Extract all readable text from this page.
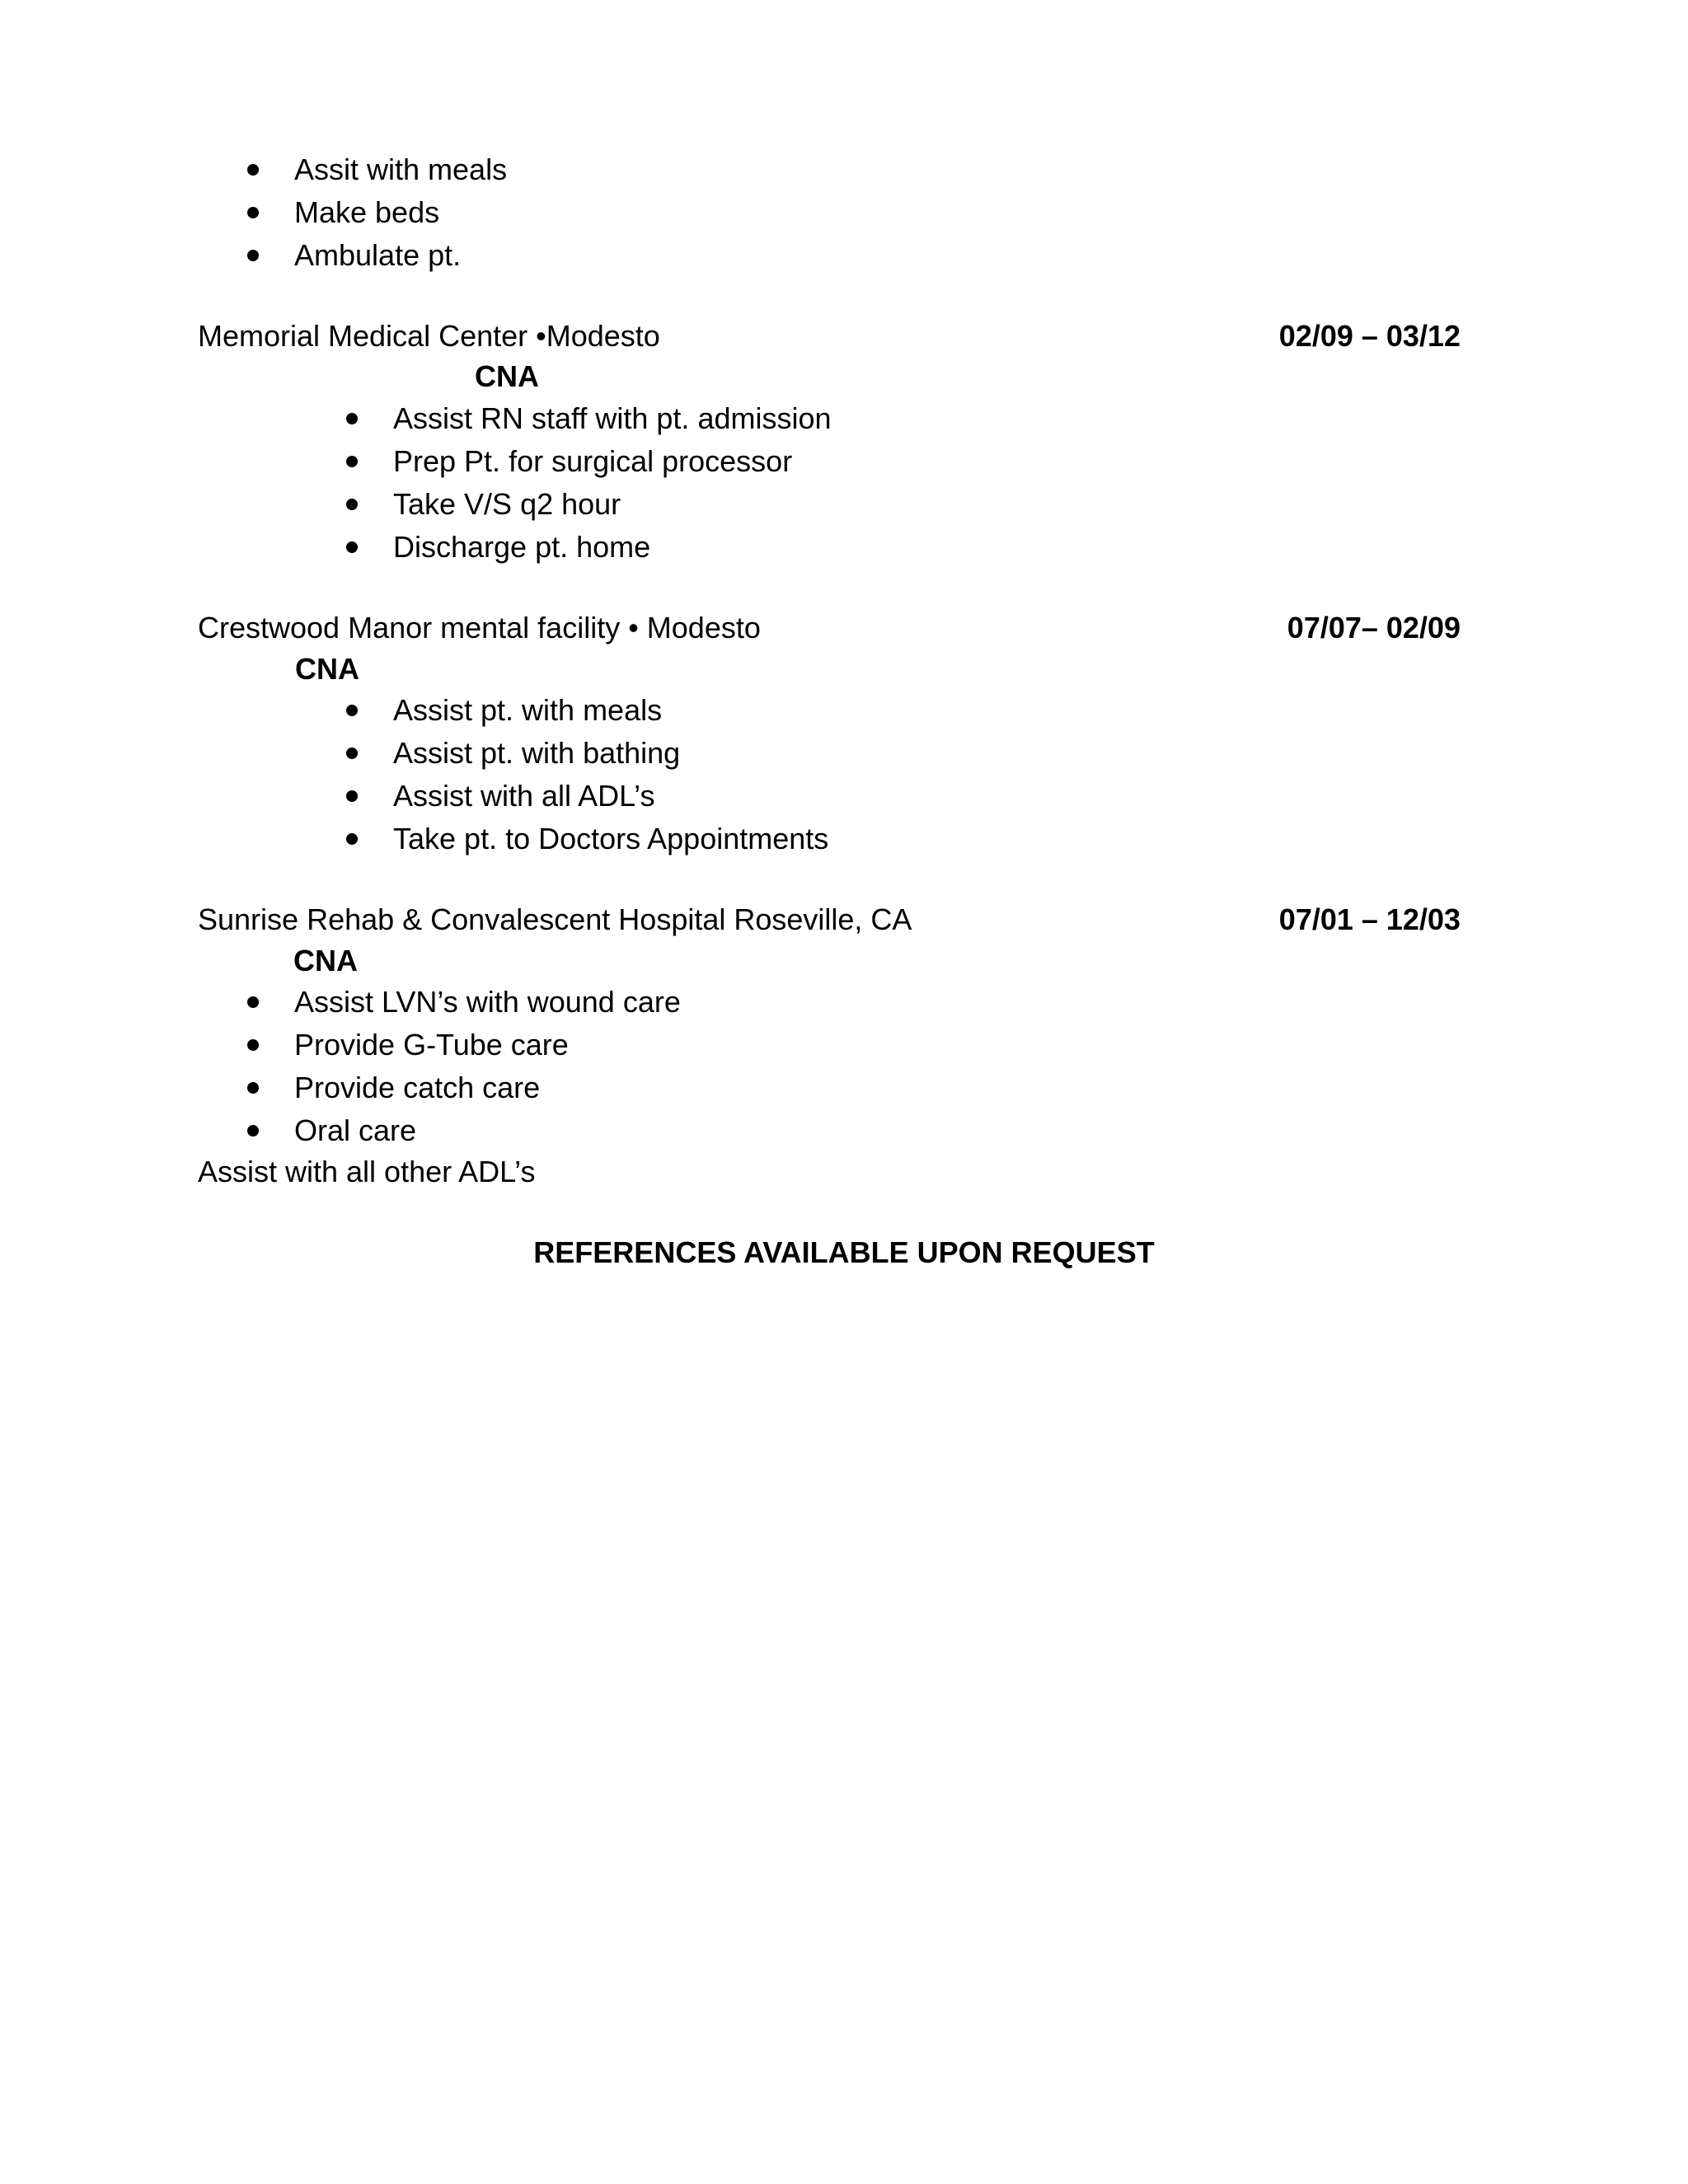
Assit with meals
Make beds
Ambulate pt.
Memorial Medical Center •Modesto	02/09 – 03/12
CNA
Assist RN staff with pt. admission
Prep Pt. for surgical processor
Take V/S q2 hour
Discharge pt. home
Crestwood Manor mental facility • Modesto	07/07– 02/09
CNA
Assist pt. with meals
Assist pt. with bathing
Assist with all ADL’s
Take pt. to Doctors Appointments
Sunrise Rehab & Convalescent Hospital Roseville, CA	07/01 – 12/03
CNA
Assist LVN’s with wound care
Provide G-Tube care
Provide catch care
Oral care
Assist with all other ADL’s
REFERENCES AVAILABLE UPON REQUEST
